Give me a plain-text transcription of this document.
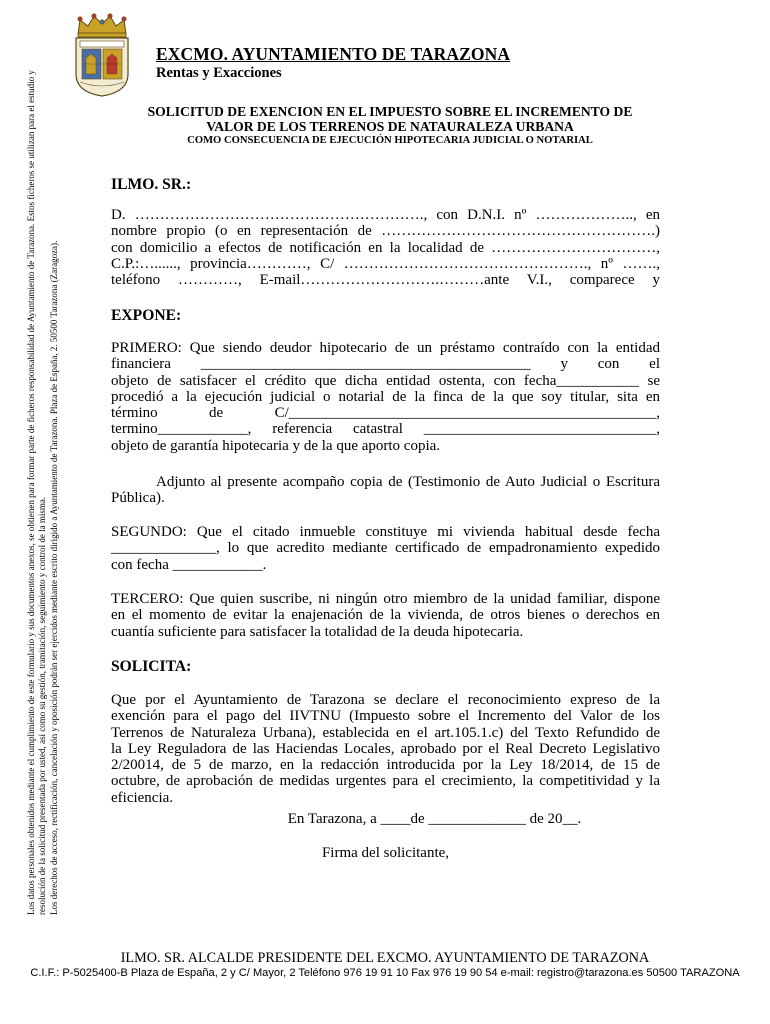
EXCMO. AYUNTAMIENTO DE TARAZONA
Rentas y Exacciones
SOLICITUD DE EXENCION EN EL IMPUESTO SOBRE EL INCREMENTO DE
VALOR DE LOS TERRENOS DE NATAURALEZA URBANA
COMO CONSECUENCIA DE EJECUCIÓN HIPOTECARIA JUDICIAL O NOTARIAL
Los datos personales obtenidos mediante el cumplimiento de este formulario y sus documentos anexos, se obtienen para formar parte de ficheros responsabilidad de Ayuntamiento de Tarazona. Estos ficheros se utilizan para el estudio y resolución de la solicitud presentada por usted, así como su gestión, tramitación, seguimiento y control de la misma. Los derechos de acceso, rectificación, cancelación y oposición podrán ser ejercidos mediante escrito dirigido a Ayuntamiento de Tarazona. Plaza de España, 2. 50500 Tarazona (Zaragoza).
ILMO. SR.:
D. …………………………………………………., con D.N.I. nº ……………….., en
nombre propio (o en representación de ……………………………………………….)
con domicilio a efectos de notificación en la localidad de ……………………………,
C.P.:…......, provincia…………, C/ …………………………………………., nº …….,
teléfono …………, E-mail……………………….………ante V.I., comparece y
EXPONE:
PRIMERO: Que siendo deudor hipotecario de un préstamo contraído con la entidad
financiera ____________________________________________ y con el
objeto de satisfacer el crédito que dicha entidad ostenta, con fecha___________ se
procedió a la ejecución judicial o notarial de la finca de la que soy titular, sita en
término de C/_________________________________________________,
termino____________, referencia catastral _______________________________,
objeto de garantía hipotecaria y de la que aporto copia.
Adjunto al presente acompaño copia de (Testimonio de Auto Judicial o Escritura
Pública).
SEGUNDO: Que el citado inmueble constituye mi vivienda habitual desde fecha
______________, lo que acredito mediante certificado de empadronamiento expedido
con fecha ____________.
TERCERO: Que quien suscribe, ni ningún otro miembro de la unidad familiar, dispone
en el momento de evitar la enajenación de la vivienda, de otros bienes o derechos en
cuantía suficiente para satisfacer la totalidad de la deuda hipotecaria.
SOLICITA:
Que por el Ayuntamiento de Tarazona se declare el reconocimiento expreso de la
exención para el pago del IIVTNU (Impuesto sobre el Incremento del Valor de los
Terrenos de Naturaleza Urbana), establecida en el art.105.1.c) del Texto Refundido de
la Ley Reguladora de las Haciendas Locales, aprobado por el Real Decreto Legislativo
2/20014, de 5 de marzo, en la redacción introducida por la Ley 18/2014, de 15 de
octubre, de aprobación de medidas urgentes para el crecimiento, la competitividad y la
eficiencia.
En Tarazona, a ____de _____________ de 20__.
Firma del solicitante,
ILMO. SR. ALCALDE PRESIDENTE DEL EXCMO. AYUNTAMIENTO DE TARAZONA
C.I.F.: P-5025400-B Plaza de España, 2 y C/ Mayor, 2 Teléfono 976 19 91 10 Fax 976 19 90 54 e-mail: registro@tarazona.es 50500 TARAZONA
